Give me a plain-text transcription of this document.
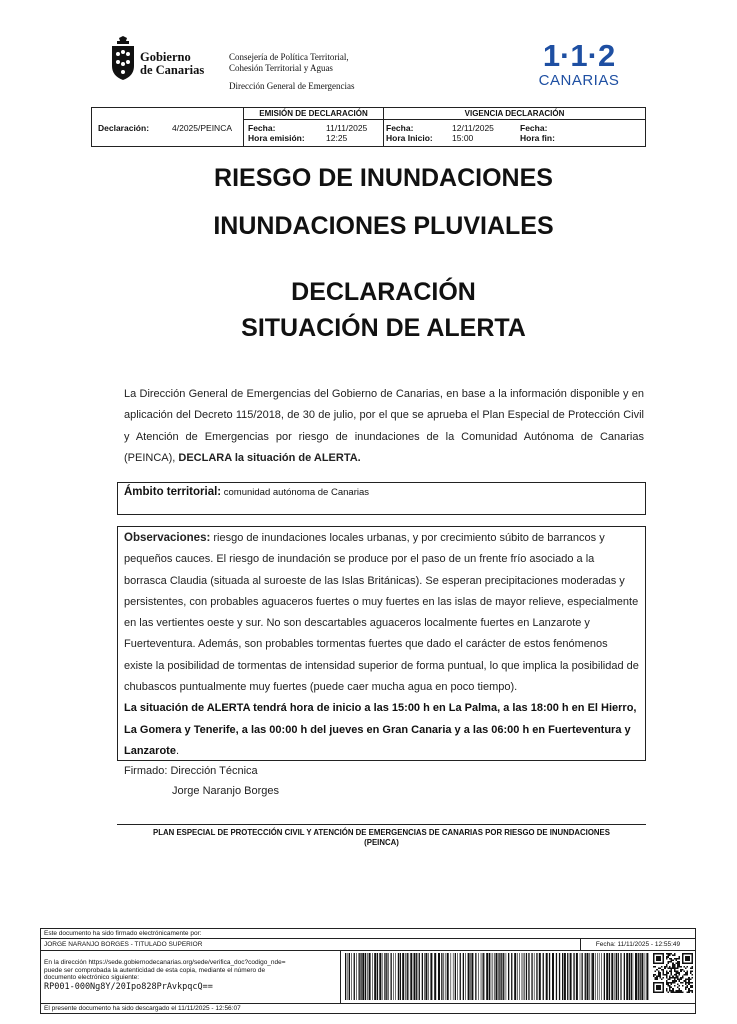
Gobierno
de Canarias
Consejería de Política Territorial,
Cohesión Territorial y Aguas
Dirección General de Emergencias
1·1·2
CANARIAS
Declaración:	4/2025/PEINCA
EMISIÓN DE DECLARACIÓN
Fecha:	11/11/2025
Hora emisión:	12:25
VIGENCIA DECLARACIÓN
Fecha:	12/11/2025
Hora Inicio: 15:00
Fecha:
Hora fin:
RIESGO DE INUNDACIONES
INUNDACIONES PLUVIALES
DECLARACIÓN
SITUACIÓN DE ALERTA
La Dirección General de Emergencias del Gobierno de Canarias, en base a la información disponible y en aplicación del Decreto 115/2018, de 30 de julio, por el que se aprueba el Plan Especial de Protección Civil y Atención de Emergencias por riesgo de inundaciones de la Comunidad Autónoma de Canarias (PEINCA), DECLARA la situación de ALERTA.
Ámbito territorial: comunidad autónoma de Canarias
Observaciones: riesgo de inundaciones locales urbanas, y por crecimiento súbito de barrancos y pequeños cauces. El riesgo de inundación se produce por el paso de un frente frío asociado a la borrasca Claudia (situada al suroeste de las Islas Británicas). Se esperan precipitaciones moderadas y persistentes, con probables aguaceros fuertes o muy fuertes en las islas de mayor relieve, especialmente en las vertientes oeste y sur. No son descartables aguaceros localmente fuertes en Lanzarote y Fuerteventura. Además, son probables tormentas fuertes que dado el carácter de estos fenómenos existe la posibilidad de tormentas de intensidad superior de forma puntual, lo que implica la posibilidad de chubascos puntualmente muy fuertes (puede caer mucha agua en poco tiempo).
La situación de ALERTA tendrá hora de inicio a las 15:00 h en La Palma, a las 18:00 h en El Hierro, La Gomera y Tenerife, a las 00:00 h del jueves en Gran Canaria y a las 06:00 h en Fuerteventura y Lanzarote.
Firmado: Dirección Técnica
Jorge Naranjo Borges
PLAN ESPECIAL DE PROTECCIÓN CIVIL Y ATENCIÓN DE EMERGENCIAS DE CANARIAS POR RIESGO DE INUNDACIONES
(PEINCA)
Este documento ha sido firmado electrónicamente por:
JORGE NARANJO BORGES - TITULADO SUPERIOR	Fecha: 11/11/2025 - 12:55:49
En la dirección https://sede.gobiernodecanarias.org/sede/verifica_doc?codigo_nde=
puede ser comprobada la autenticidad de esta copia, mediante el número de
documento electrónico siguiente:
RP001-000Ng8Y/20Ipo828PrAvkpqcQ==
El presente documento ha sido descargado el 11/11/2025 - 12:56:07
